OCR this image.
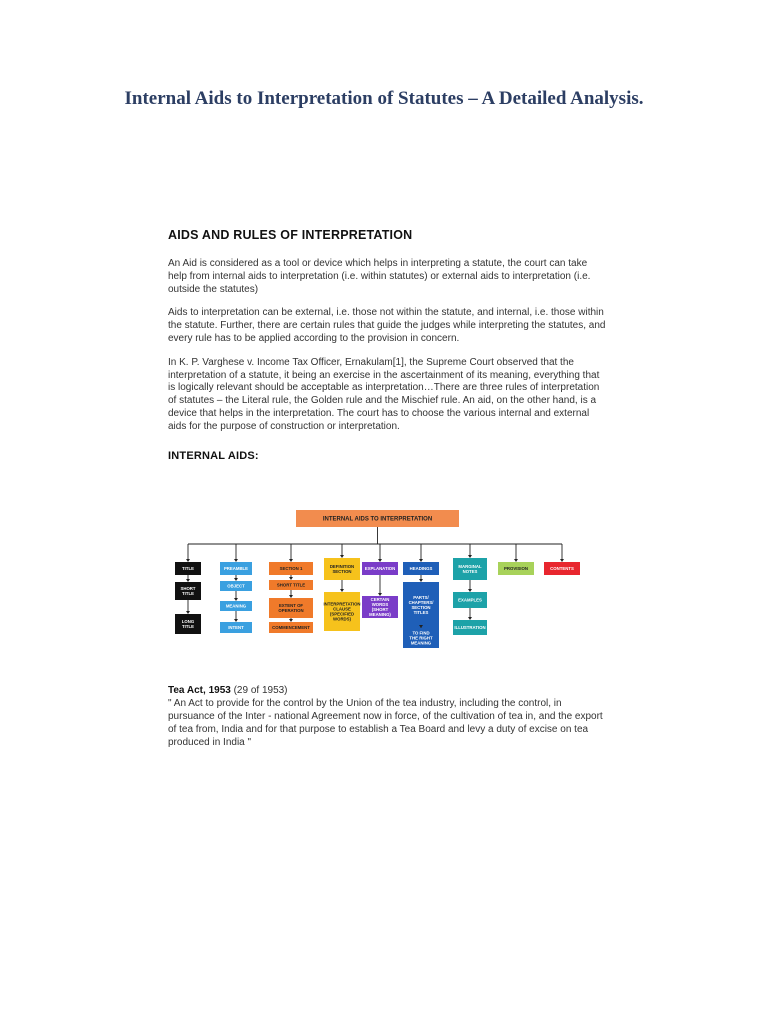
Internal Aids to Interpretation of Statutes – A Detailed Analysis.
AIDS AND RULES OF INTERPRETATION

An Aid is considered as a tool or device which helps in interpreting a statute, the court can take help from internal aids to interpretation (i.e. within statutes) or external aids to interpretation (i.e. outside the statutes)

Aids to interpretation can be external, i.e. those not within the statute, and internal, i.e. those within the statute. Further, there are certain rules that guide the judges while interpreting the statutes, and every rule has to be applied according to the provision in concern.

In K. P. Varghese v. Income Tax Officer, Ernakulam[1], the Supreme Court observed that the interpretation of a statute, it being an exercise in the ascertainment of its meaning, everything that is logically relevant should be acceptable as interpretation…There are three rules of interpretation of statutes – the Literal rule, the Golden rule and the Mischief rule. An aid, on the other hand, is a device that helps in the interpretation. The court has to choose the various internal and external aids for the purpose of construction or interpretation.

INTERNAL AIDS:
INTERNAL AIDS TO INTERPRETATION
TITLE
SHORT
TITLE
LONG
TITLE
PREAMBLE
OBJECT
MEANING
INTENT
SECTION 1
SHORT TITLE
EXTENT OF
OPERATION
COMMENCEMENT
DEFINITION
SECTION
INTERPRETATION
CLAUSE
(SPECIFIED
WORDS)
EXPLANATION
CERTAIN
WORDS
(SHORT
MEANING)
HEADINGS
PARTS/
CHAPTERS/
SECTION
TITLES
TO FIND
THE RIGHT
MEANING
MARGINAL
NOTES
EXAMPLES
ILLUSTRATION
PROVISION	CONTENTS

Tea Act, 1953 (29 of 1953)

" An Act to provide for the control by the Union of the tea industry, including the control, in pursuance of the Inter - national Agreement now in force, of the cultivation of tea in, and the export of tea from, India and for that purpose to establish a Tea Board and levy a duty of excise on tea produced in India "
